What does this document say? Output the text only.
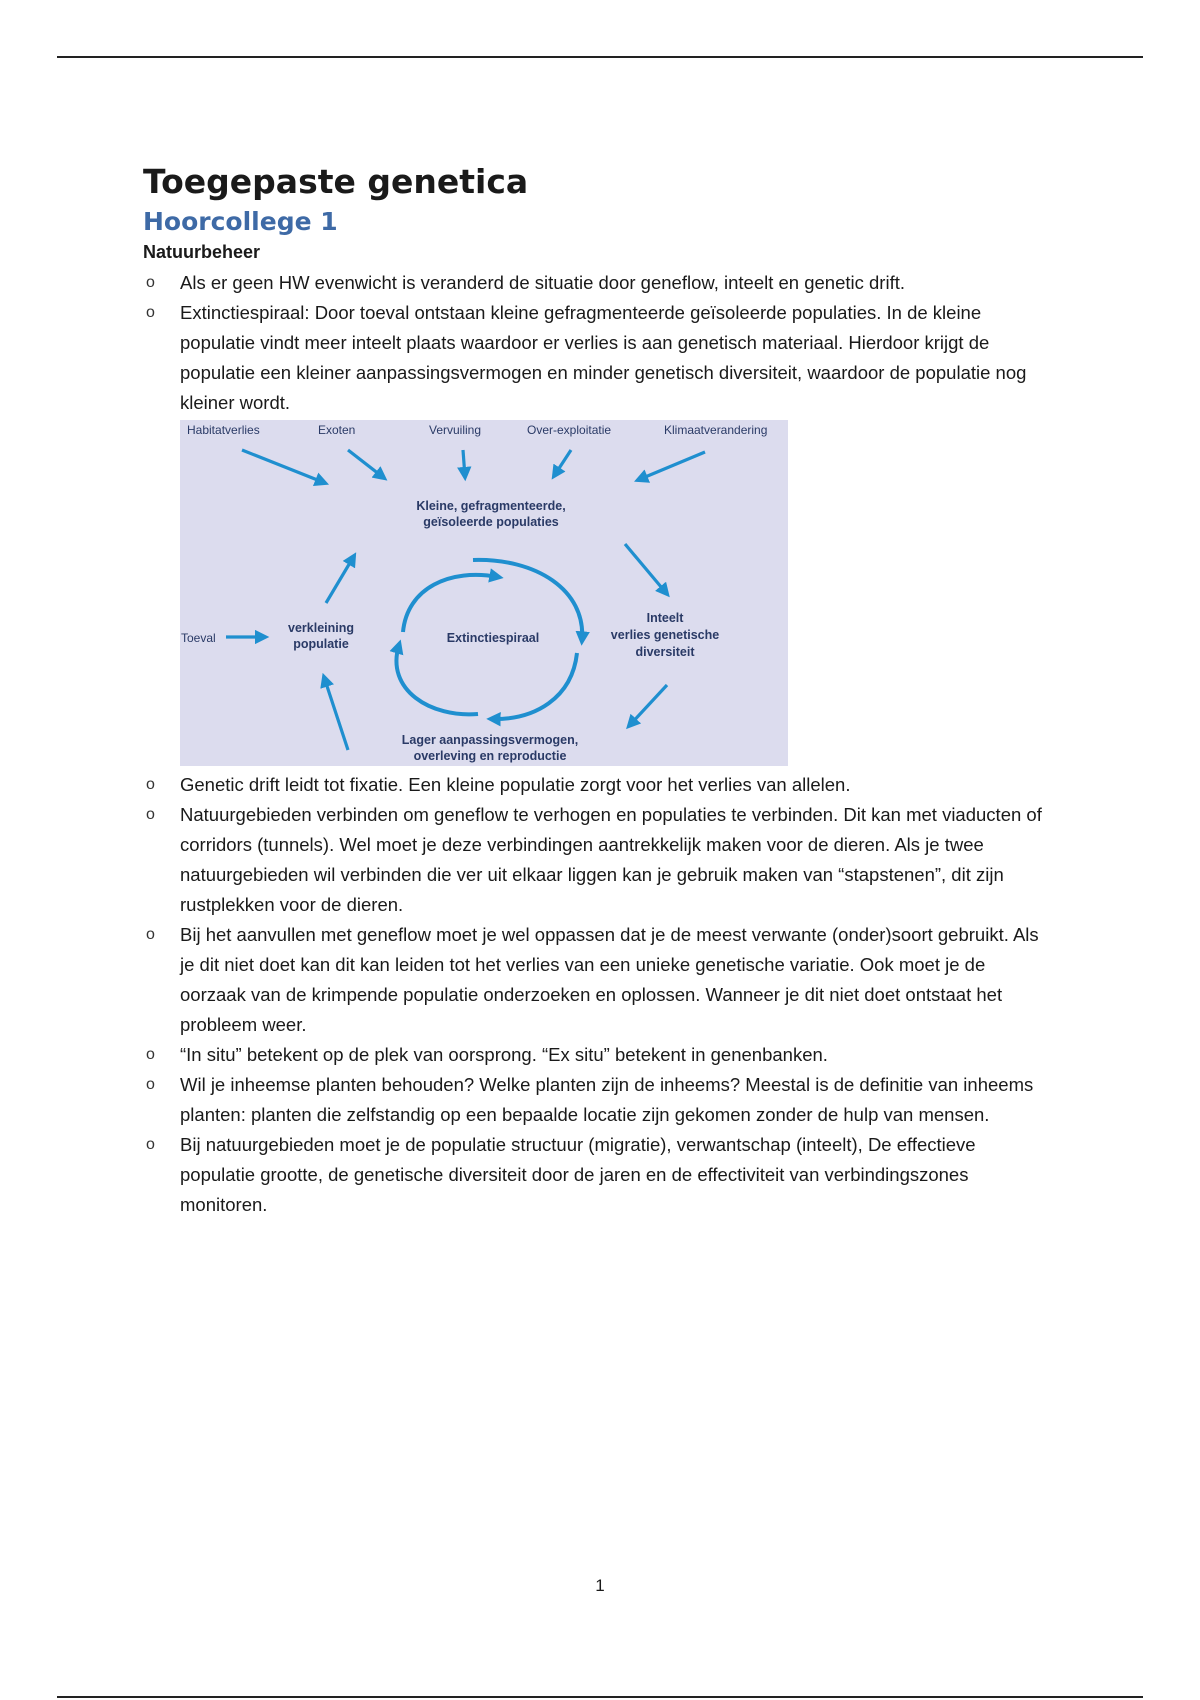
Toegepaste genetica
Hoorcollege 1
Natuurbeheer
o Als er geen HW evenwicht is veranderd de situatie door geneflow, inteelt en genetic drift.
o Extinctiespiraal: Door toeval ontstaan kleine gefragmenteerde geïsoleerde populaties. In de kleine populatie vindt meer inteelt plaats waardoor er verlies is aan genetisch materiaal. Hierdoor krijgt de populatie een kleiner aanpassingsvermogen en minder genetisch diversiteit, waardoor de populatie nog kleiner wordt.
Habitatverlies	Exoten	Vervuiling	Over-exploitatie	Klimaatverandering
Kleine, gefragmenteerde,
geïsoleerde populaties
verkleining
populatie	Extinctiespiraal
Inteelt
verlies genetische
diversiteit
Lager aanpassingsvermogen,
overleving en reproductie
Toeval
o Genetic drift leidt tot fixatie. Een kleine populatie zorgt voor het verlies van allelen.
o Natuurgebieden verbinden om geneflow te verhogen en populaties te verbinden. Dit kan met viaducten of corridors (tunnels). Wel moet je deze verbindingen aantrekkelijk maken voor de dieren. Als je twee natuurgebieden wil verbinden die ver uit elkaar liggen kan je gebruik maken van “stapstenen”, dit zijn rustplekken voor de dieren.
o Bij het aanvullen met geneflow moet je wel oppassen dat je de meest verwante (onder)soort gebruikt. Als je dit niet doet kan dit kan leiden tot het verlies van een unieke genetische variatie. Ook moet je de oorzaak van de krimpende populatie onderzoeken en oplossen. Wanneer je dit niet doet ontstaat het probleem weer.
o “In situ” betekent op de plek van oorsprong. “Ex situ” betekent in genenbanken.
o Wil je inheemse planten behouden? Welke planten zijn de inheems? Meestal is de definitie van inheems planten: planten die zelfstandig op een bepaalde locatie zijn gekomen zonder de hulp van mensen.
o Bij natuurgebieden moet je de populatie structuur (migratie), verwantschap (inteelt), De effectieve populatie grootte, de genetische diversiteit door de jaren en de effectiviteit van verbindingszones monitoren.
1
